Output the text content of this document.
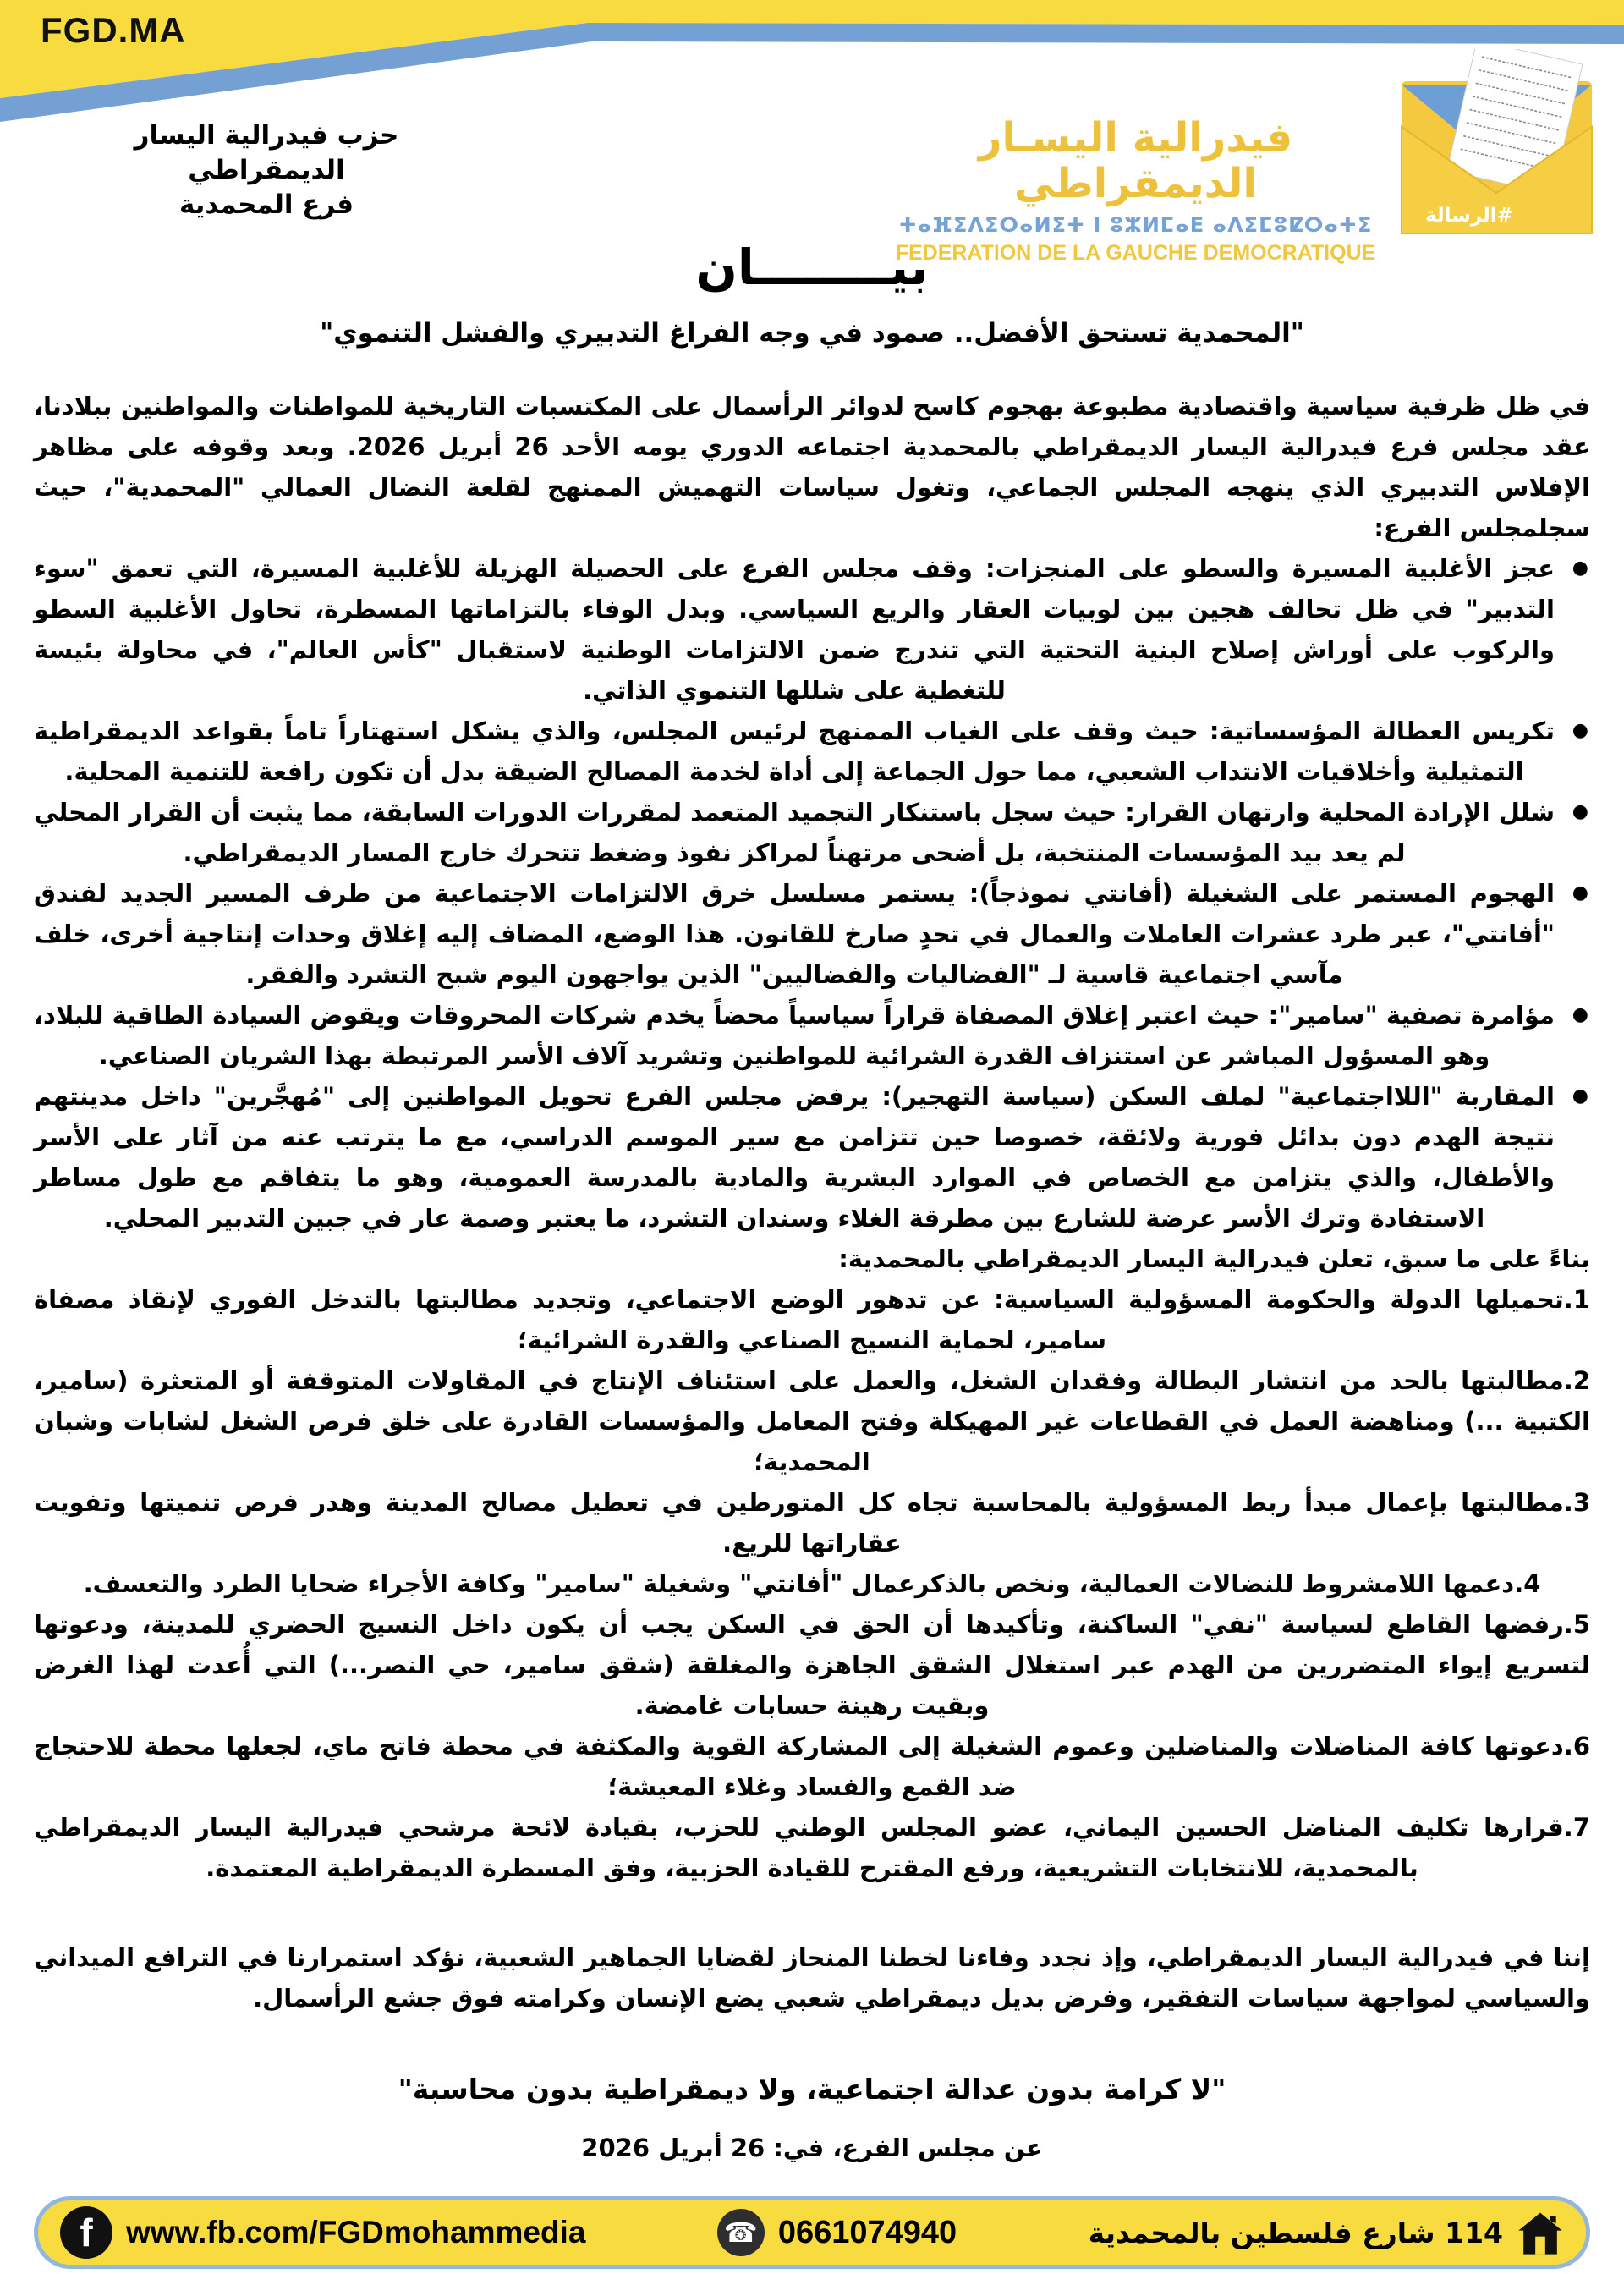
FGD.MA
حزب فيدرالية اليسار الديمقراطي
فرع المحمدية
فيدرالية اليسـار الديمقراطي
ⵜⴰⴼⵉⴷⵉⵔⴰⵍⵉⵜ ⵏ ⵓⵣⵍⵎⴰⴹ ⴰⴷⵉⵎⵓⵇⵔⴰⵜⵉ
FEDERATION DE LA GAUCHE DEMOCRATIQUE
#الرسالة
بيــــــــان
"المحمدية تستحق الأفضل.. صمود في وجه الفراغ التدبيري والفشل التنموي"

في ظل ظرفية سياسية واقتصادية مطبوعة بهجوم كاسح لدوائر الرأسمال على المكتسبات التاريخية للمواطنات والمواطنين ببلادنا، عقد مجلس فرع فيدرالية اليسار الديمقراطي بالمحمدية اجتماعه الدوري يومه الأحد 26 أبريل 2026. وبعد وقوفه على مظاهر الإفلاس التدبيري الذي ينهجه المجلس الجماعي، وتغول سياسات التهميش الممنهج لقلعة النضال العمالي "المحمدية"، حيث سجلمجلس الفرع:

●
عجز الأغلبية المسيرة والسطو على المنجزات: وقف مجلس الفرع على الحصيلة الهزيلة للأغلبية المسيرة، التي تعمق "سوء التدبير" في ظل تحالف هجين بين لوبيات العقار والريع السياسي. وبدل الوفاء بالتزاماتها المسطرة، تحاول الأغلبية السطو والركوب على أوراش إصلاح البنية التحتية التي تندرج ضمن الالتزامات الوطنية لاستقبال "كأس العالم"، في محاولة بئيسة للتغطية على شللها التنموي الذاتي.
●
تكريس العطالة المؤسساتية: حيث وقف على الغياب الممنهج لرئيس المجلس، والذي يشكل استهتاراً تاماً بقواعد الديمقراطية التمثيلية وأخلاقيات الانتداب الشعبي، مما حول الجماعة إلى أداة لخدمة المصالح الضيقة بدل أن تكون رافعة للتنمية المحلية.
●
شلل الإرادة المحلية وارتهان القرار: حيث سجل باستنكار التجميد المتعمد لمقررات الدورات السابقة، مما يثبت أن القرار المحلي لم يعد بيد المؤسسات المنتخبة، بل أضحى مرتهناً لمراكز نفوذ وضغط تتحرك خارج المسار الديمقراطي.
●
الهجوم المستمر على الشغيلة (أفانتي نموذجاً): يستمر مسلسل خرق الالتزامات الاجتماعية من طرف المسير الجديد لفندق "أفانتي"، عبر طرد عشرات العاملات والعمال في تحدٍ صارخ للقانون. هذا الوضع، المضاف إليه إغلاق وحدات إنتاجية أخرى، خلف مآسي اجتماعية قاسية لـ "الفضاليات والفضاليين" الذين يواجهون اليوم شبح التشرد والفقر.
●
مؤامرة تصفية "سامير": حيث اعتبر إغلاق المصفاة قراراً سياسياً محضاً يخدم شركات المحروقات ويقوض السيادة الطاقية للبلاد، وهو المسؤول المباشر عن استنزاف القدرة الشرائية للمواطنين وتشريد آلاف الأسر المرتبطة بهذا الشريان الصناعي.
●
المقاربة "اللااجتماعية" لملف السكن (سياسة التهجير): يرفض مجلس الفرع تحويل المواطنين إلى "مُهجَّرين" داخل مدينتهم نتيجة الهدم دون بدائل فورية ولائقة، خصوصا حين تتزامن مع سير الموسم الدراسي، مع ما يترتب عنه من آثار على الأسر والأطفال، والذي يتزامن مع الخصاص في الموارد البشرية والمادية بالمدرسة العمومية، وهو ما يتفاقم مع طول مساطر الاستفادة وترك الأسر عرضة للشارع بين مطرقة الغلاء وسندان التشرد، ما يعتبر وصمة عار في جبين التدبير المحلي.

بناءً على ما سبق، تعلن فيدرالية اليسار الديمقراطي بالمحمدية:

1.تحميلها الدولة والحكومة المسؤولية السياسية: عن تدهور الوضع الاجتماعي، وتجديد مطالبتها بالتدخل الفوري لإنقاذ مصفاة سامير، لحماية النسيج الصناعي والقدرة الشرائية؛

2.مطالبتها بالحد من انتشار البطالة وفقدان الشغل، والعمل على استئناف الإنتاج في المقاولات المتوقفة أو المتعثرة (سامير، الكتبية ...) ومناهضة العمل في القطاعات غير المهيكلة وفتح المعامل والمؤسسات القادرة على خلق فرص الشغل لشابات وشبان المحمدية؛

3.مطالبتها بإعمال مبدأ ربط المسؤولية بالمحاسبة تجاه كل المتورطين في تعطيل مصالح المدينة وهدر فرص تنميتها وتفويت عقاراتها للريع.

4.دعمها اللامشروط للنضالات العمالية، ونخص بالذكرعمال "أفانتي" وشغيلة "سامير" وكافة الأجراء ضحايا الطرد والتعسف.

5.رفضها القاطع لسياسة "نفي" الساكنة، وتأكيدها أن الحق في السكن يجب أن يكون داخل النسيج الحضري للمدينة، ودعوتها لتسريع إيواء المتضررين من الهدم عبر استغلال الشقق الجاهزة والمغلقة (شقق سامير، حي النصر...) التي أُعدت لهذا الغرض وبقيت رهينة حسابات غامضة.

6.دعوتها كافة المناضلات والمناضلين وعموم الشغيلة إلى المشاركة القوية والمكثفة في محطة فاتح ماي، لجعلها محطة للاحتجاج ضد القمع والفساد وغلاء المعيشة؛

7.قرارها تكليف المناضل الحسين اليماني، عضو المجلس الوطني للحزب، بقيادة لائحة مرشحي فيدرالية اليسار الديمقراطي بالمحمدية، للانتخابات التشريعية، ورفع المقترح للقيادة الحزبية، وفق المسطرة الديمقراطية المعتمدة.

إننا في فيدرالية اليسار الديمقراطي، وإذ نجدد وفاءنا لخطنا المنحاز لقضايا الجماهير الشعبية، نؤكد استمرارنا في الترافع الميداني والسياسي لمواجهة سياسات التفقير، وفرض بديل ديمقراطي شعبي يضع الإنسان وكرامته فوق جشع الرأسمال.

"لا كرامة بدون عدالة اجتماعية، ولا ديمقراطية بدون محاسبة"
عن مجلس الفرع، في: 26 أبريل 2026
f	www.fb.com/FGDmohammedia	☎ 0661074940	114 شارع فلسطين بالمحمدية
